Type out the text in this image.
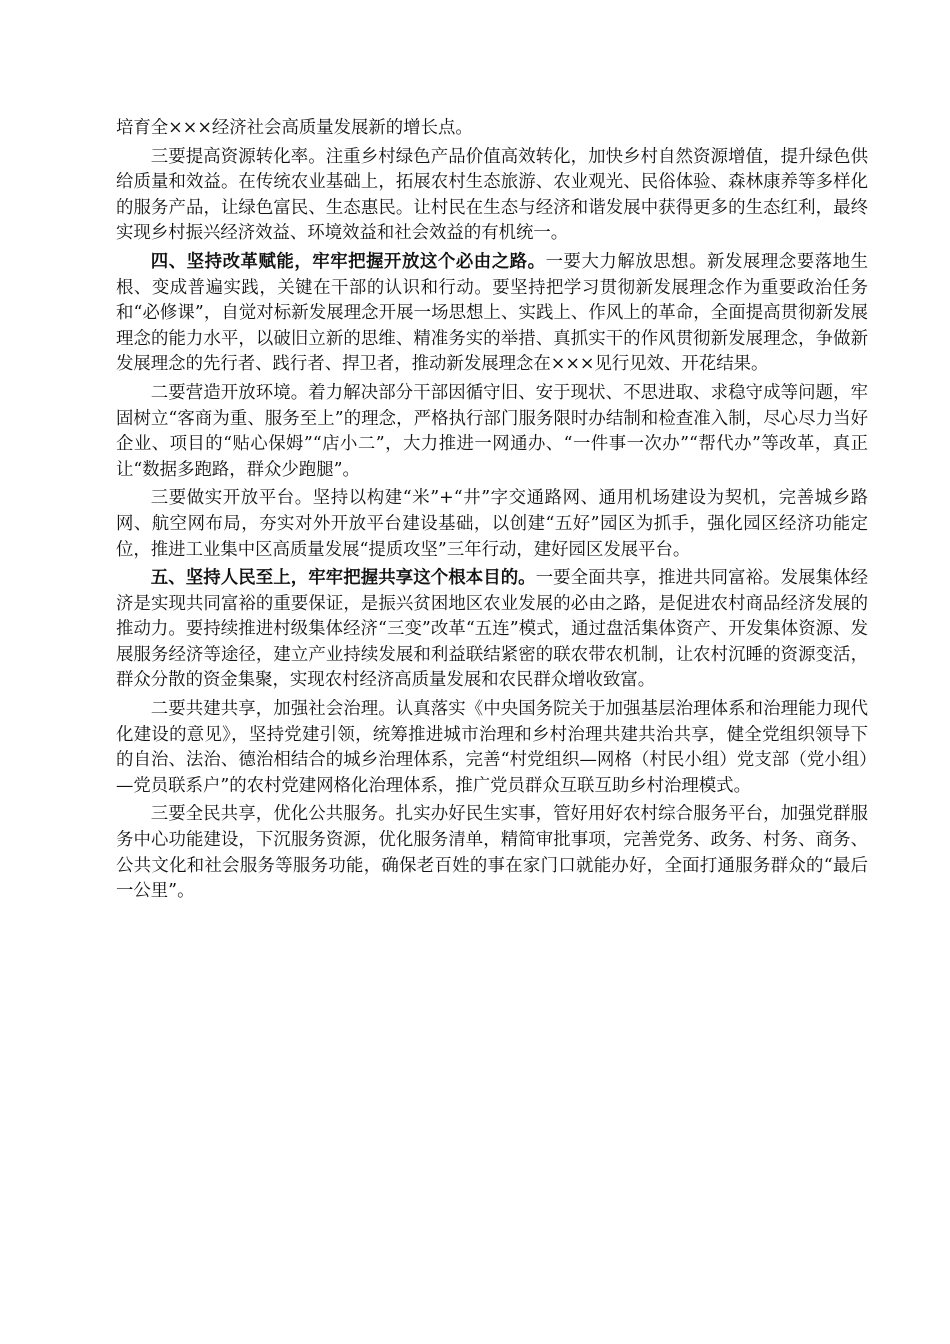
培育全×××经济社会高质量发展新的增长点。

三要提高资源转化率。注重乡村绿色产品价值高效转化，加快乡村自然资源增值，提升绿色供给质量和效益。在传统农业基础上，拓展农村生态旅游、农业观光、民俗体验、森林康养等多样化的服务产品，让绿色富民、生态惠民。让村民在生态与经济和谐发展中获得更多的生态红利，最终实现乡村振兴经济效益、环境效益和社会效益的有机统一。

四、坚持改革赋能，牢牢把握开放这个必由之路。一要大力解放思想。新发展理念要落地生根、变成普遍实践，关键在干部的认识和行动。要坚持把学习贯彻新发展理念作为重要政治任务和“必修课”，自觉对标新发展理念开展一场思想上、实践上、作风上的革命，全面提高贯彻新发展理念的能力水平，以破旧立新的思维、精准务实的举措、真抓实干的作风贯彻新发展理念，争做新发展理念的先行者、践行者、捍卫者，推动新发展理念在×××见行见效、开花结果。

二要营造开放环境。着力解决部分干部因循守旧、安于现状、不思进取、求稳守成等问题，牢固树立“客商为重、服务至上”的理念，严格执行部门服务限时办结制和检查准入制，尽心尽力当好企业、项目的“贴心保姆”“店小二”，大力推进一网通办、“一件事一次办”“帮代办”等改革，真正让“数据多跑路，群众少跑腿”。

三要做实开放平台。坚持以构建“米”+“井”字交通路网、通用机场建设为契机，完善城乡路网、航空网布局，夯实对外开放平台建设基础，以创建“五好”园区为抓手，强化园区经济功能定位，推进工业集中区高质量发展“提质攻坚”三年行动，建好园区发展平台。

五、坚持人民至上，牢牢把握共享这个根本目的。一要全面共享，推进共同富裕。发展集体经济是实现共同富裕的重要保证，是振兴贫困地区农业发展的必由之路，是促进农村商品经济发展的推动力。要持续推进村级集体经济“三变”改革“五连”模式，通过盘活集体资产、开发集体资源、发展服务经济等途径，建立产业持续发展和利益联结紧密的联农带农机制，让农村沉睡的资源变活，群众分散的资金集聚，实现农村经济高质量发展和农民群众增收致富。

二要共建共享，加强社会治理。认真落实《中央国务院关于加强基层治理体系和治理能力现代化建设的意见》，坚持党建引领，统筹推进城市治理和乡村治理共建共治共享，健全党组织领导下的自治、法治、德治相结合的城乡治理体系，完善“村党组织—网格（村民小组）党支部（党小组）—党员联系户”的农村党建网格化治理体系，推广党员群众互联互助乡村治理模式。

三要全民共享，优化公共服务。扎实办好民生实事，管好用好农村综合服务平台，加强党群服务中心功能建设，下沉服务资源，优化服务清单，精简审批事项，完善党务、政务、村务、商务、公共文化和社会服务等服务功能，确保老百姓的事在家门口就能办好，全面打通服务群众的“最后一公里”。
